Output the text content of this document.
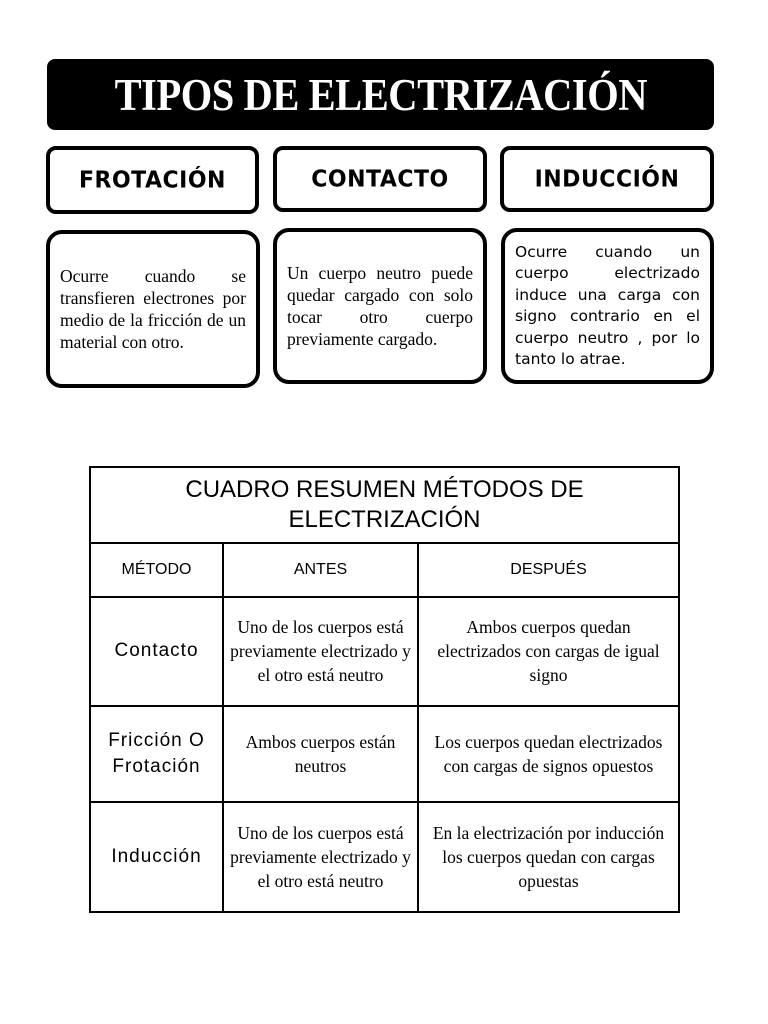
TIPOS DE ELECTRIZACIÓN
FROTACIÓN	CONTACTO	INDUCCIÓN
Ocurre cuando se transfieren electrones por medio de la fricción de un material con otro.
Un cuerpo neutro puede quedar cargado con solo tocar otro cuerpo previamente cargado.
Ocurre cuando un cuerpo electrizado induce una carga con signo contrario en el cuerpo neutro , por lo tanto lo atrae.
CUADRO RESUMEN MÉTODOS DE
ELECTRIZACIÓN		

MÉTODO	ANTES	DESPUÉS

Contacto	Uno de los cuerpos está previamente electrizado y el otro está neutro	Ambos cuerpos quedan electrizados con cargas de igual signo

Fricción O
Frotación	Ambos cuerpos están neutros	Los cuerpos quedan electrizados con cargas de signos opuestos

Inducción	Uno de los cuerpos está previamente electrizado y el otro está neutro	En la electrización por inducción los cuerpos quedan con cargas opuestas
